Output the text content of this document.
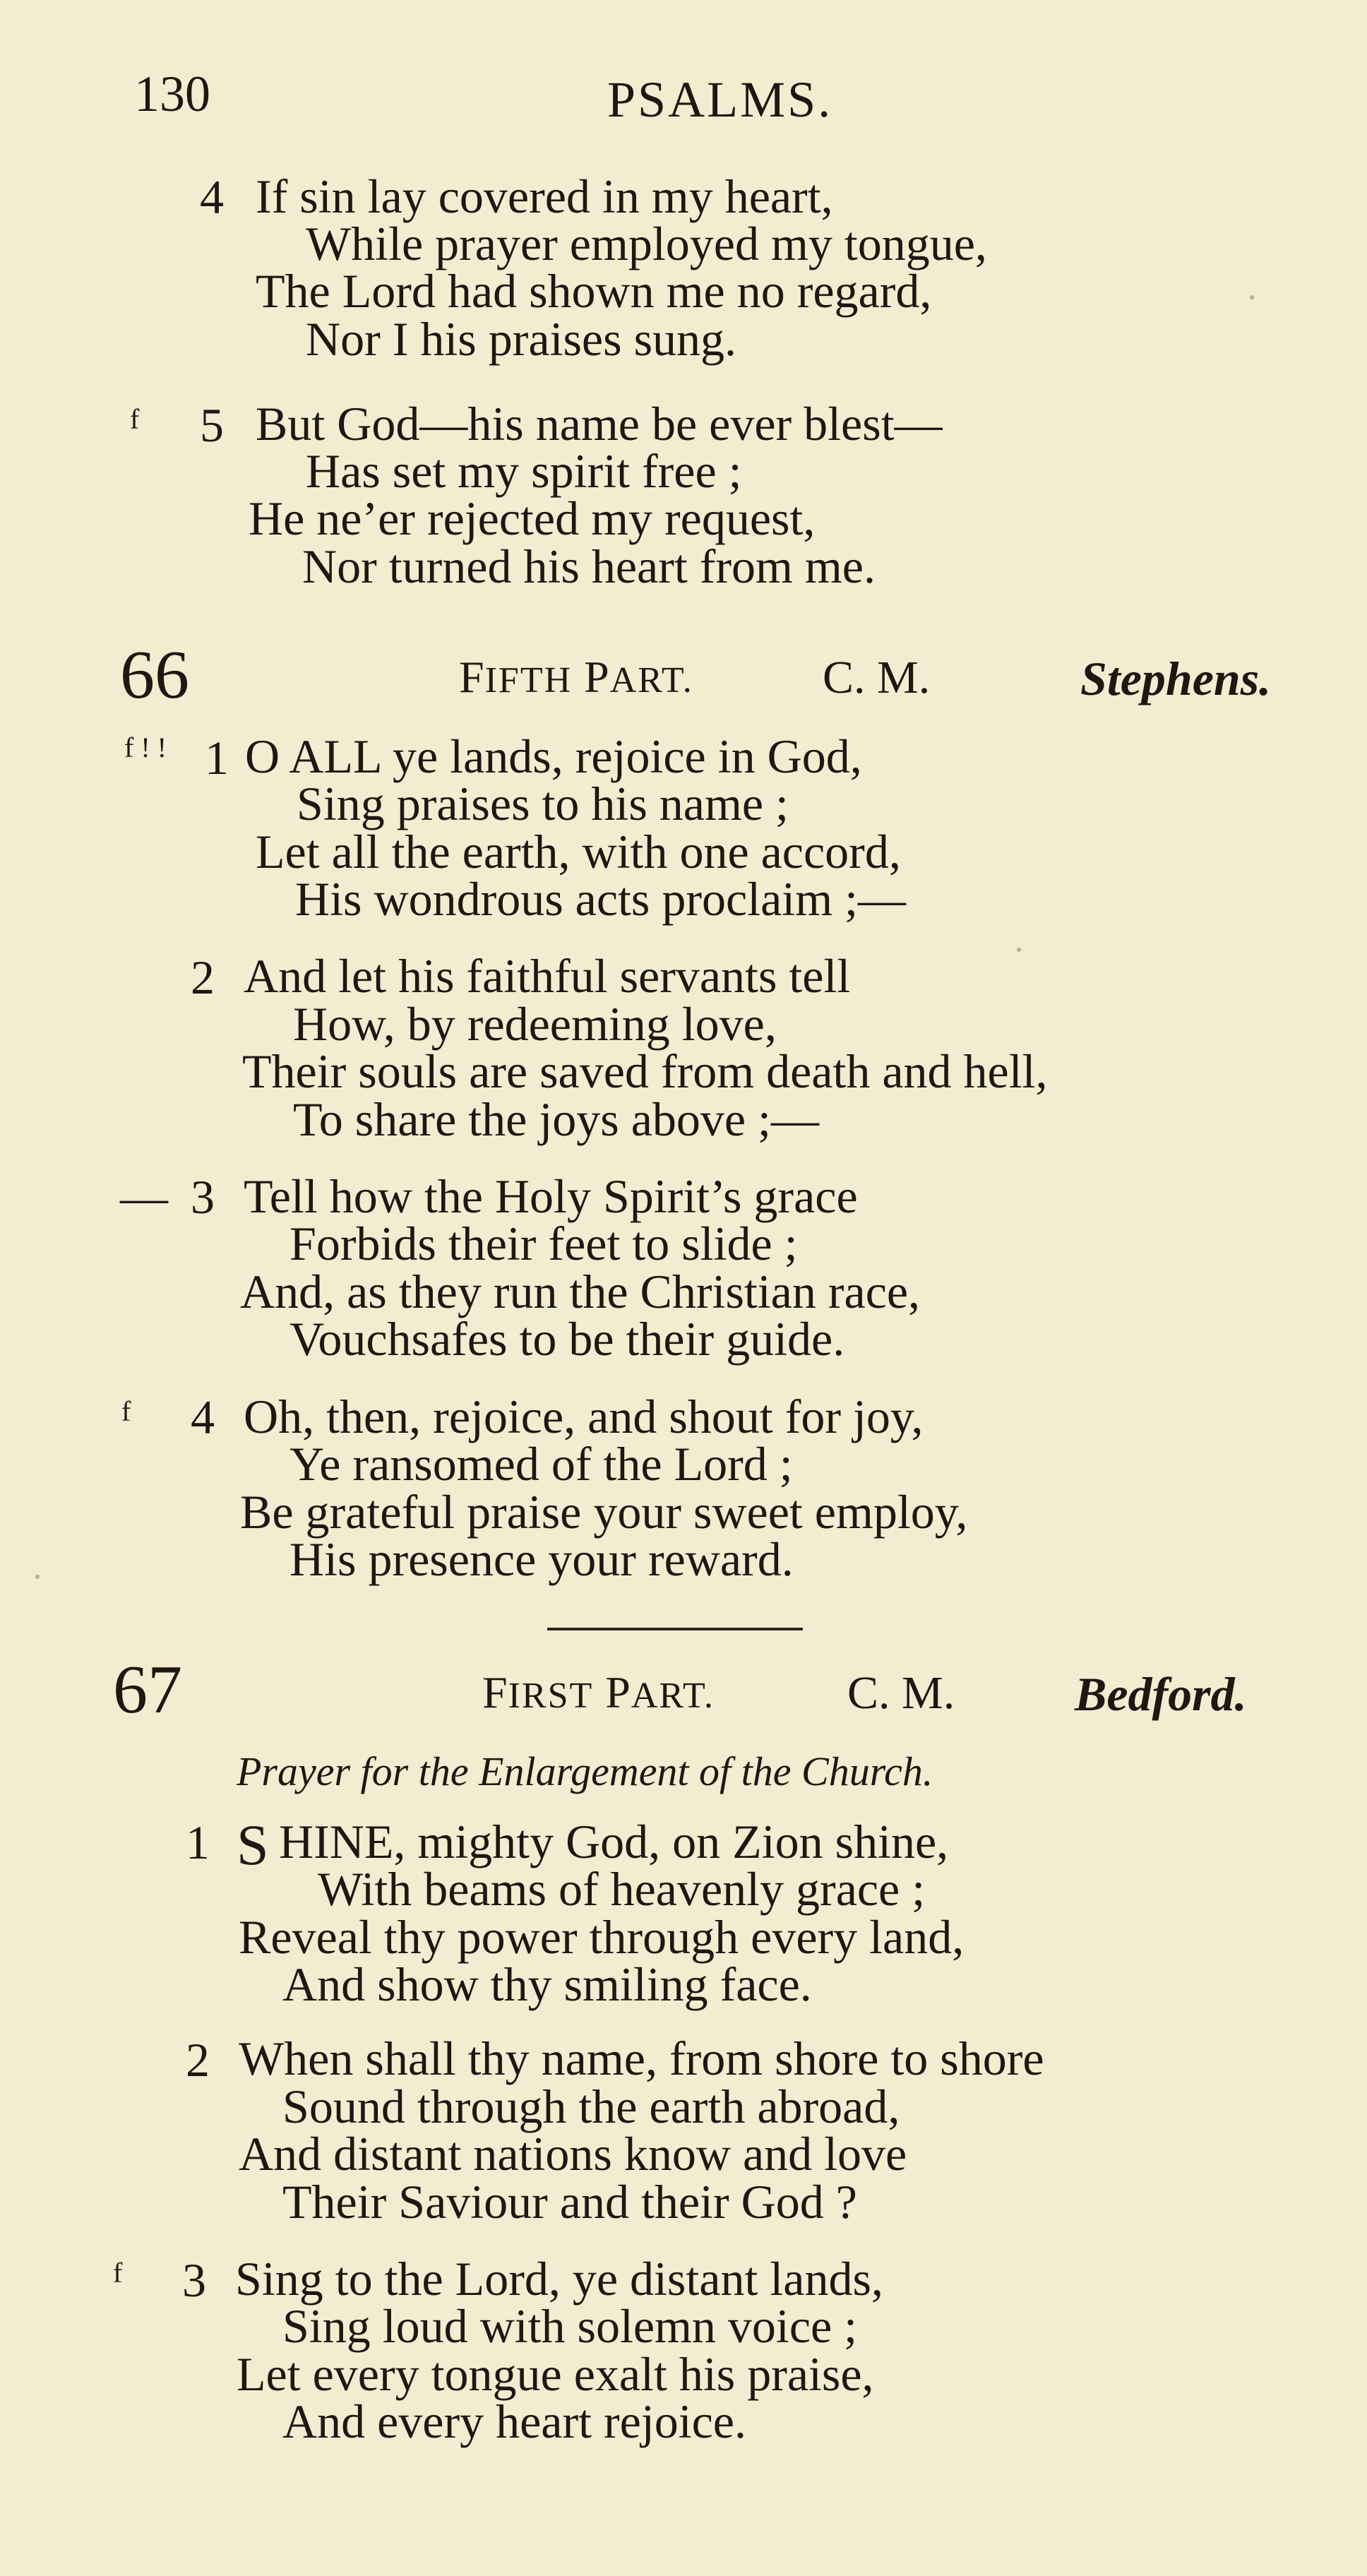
130	PSALMS.
4 If sin lay covered in my heart,
While prayer employed my tongue,
The Lord had shown me no regard,
Nor I his praises sung.
f 5 But God—his name be ever blest—
Has set my spirit free ;
He ne’er rejected my request,
Nor turned his heart from me.
66	FIFTH PART.	C. M.	Stephens.
f ! ! 1 O ALL ye lands, rejoice in God,
Sing praises to his name ;
Let all the earth, with one accord,
His wondrous acts proclaim ;—
2 And let his faithful servants tell
How, by redeeming love,
Their souls are saved from death and hell,
To share the joys above ;—
— 3 Tell how the Holy Spirit’s grace
Forbids their feet to slide ;
And, as they run the Christian race,
Vouchsafes to be their guide.
f 4 Oh, then, rejoice, and shout for joy,
Ye ransomed of the Lord ;
Be grateful praise your sweet employ,
His presence your reward.
67	FIRST PART.	C. M. Bedford.
Prayer for the Enlargement of the Church.
1 S HINE, mighty God, on Zion shine,
With beams of heavenly grace ;
Reveal thy power through every land,
And show thy smiling face.
2 When shall thy name, from shore to shore
Sound through the earth abroad,
And distant nations know and love
Their Saviour and their God ?
f 3 Sing to the Lord, ye distant lands,
Sing loud with solemn voice ;
Let every tongue exalt his praise,
And every heart rejoice.
